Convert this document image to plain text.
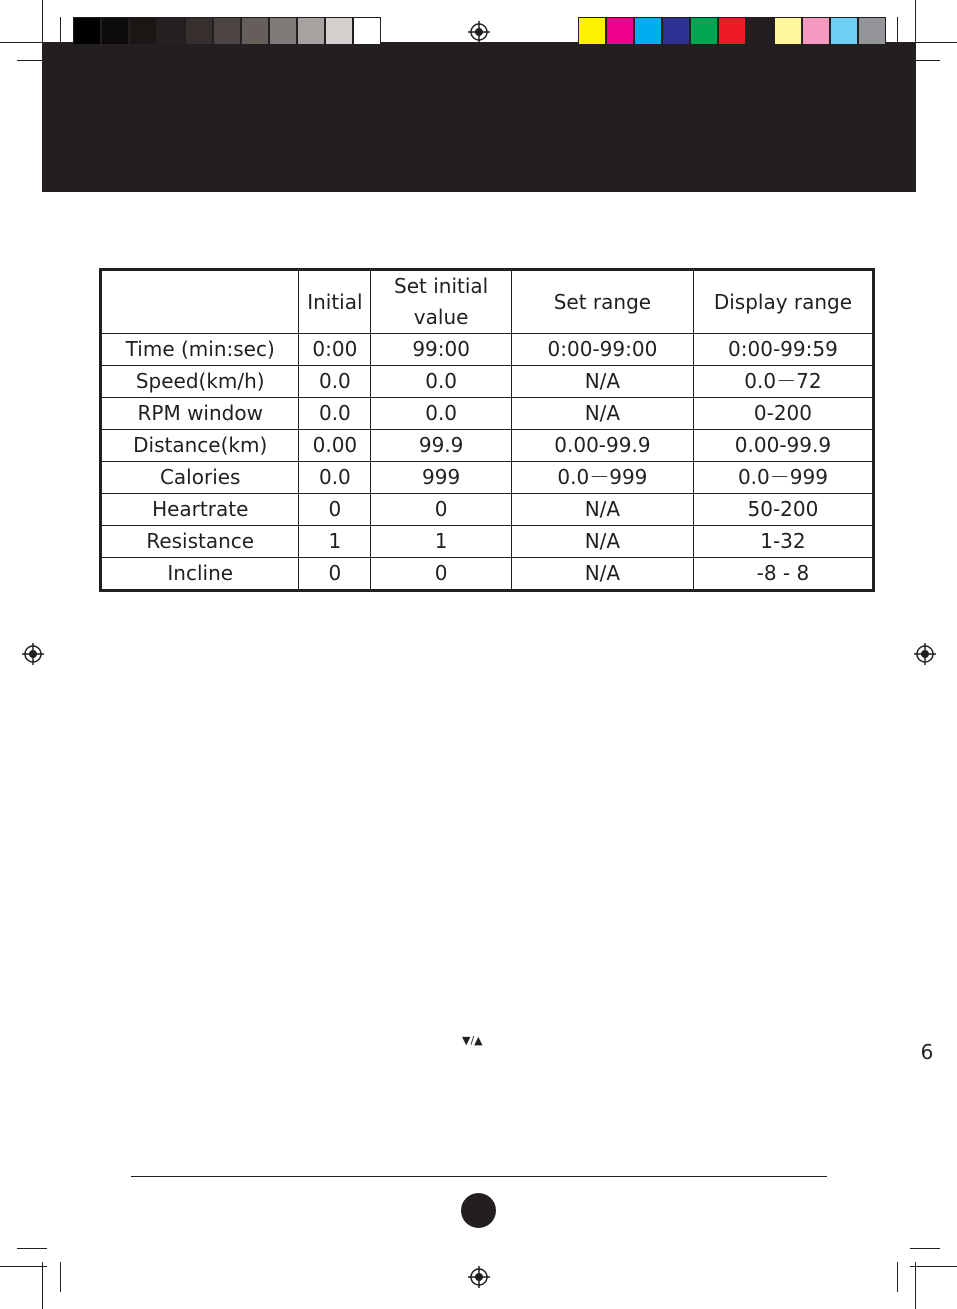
	Initial	Set initial value	Set range	Display range
Time (min:sec)	0:00	99:00	0:00-99:00	0:00-99:59
Speed(km/h)	0.0	0.0	N/A	0.0－72
RPM window	0.0	0.0	N/A	0-200
Distance(km)	0.00	99.9	0.00-99.9	0.00-99.9
Calories	0.0	999	0.0－999	0.0－999
Heartrate	0	0	N/A	50-200
Resistance	1	1	N/A	1-32
Incline	0	0	N/A	-8 - 8
▼/▲	6
